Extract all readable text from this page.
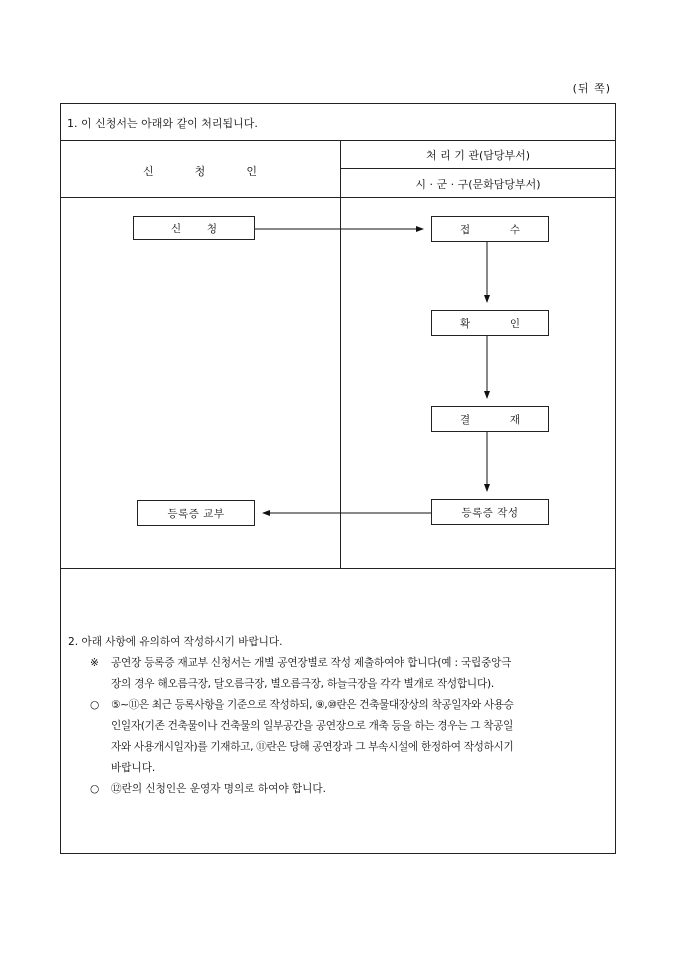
(뒤 쪽)
1. 이 신청서는 아래와 같이 처리됩니다.
신	청	인
처 리 기 관(담당부서)
시 · 군 · 구(문화담당부서)
신 청	접	수
확	인
결	재
등록증 작성
등록증 교부
2. 아래 사항에 유의하여 작성하시기 바랍니다.
※ 공연장 등록증 재교부 신청서는 개별 공연장별로 작성 제출하여야 합니다(예 : 국립중앙극
장의 경우 해오름극장, 달오름극장, 별오름극장, 하늘극장을 각각 별개로 작성합니다).
○ ⑤∼⑪은 최근 등록사항을 기준으로 작성하되, ⑨,⑩란은 건축물대장상의 착공일자와 사용승
인일자(기존 건축물이나 건축물의 일부공간을 공연장으로 개축 등을 하는 경우는 그 착공일
자와 사용개시일자)를 기재하고, ⑪란은 당해 공연장과 그 부속시설에 한정하여 작성하시기
바랍니다.
○ ⑫란의 신청인은 운영자 명의로 하여야 합니다.
